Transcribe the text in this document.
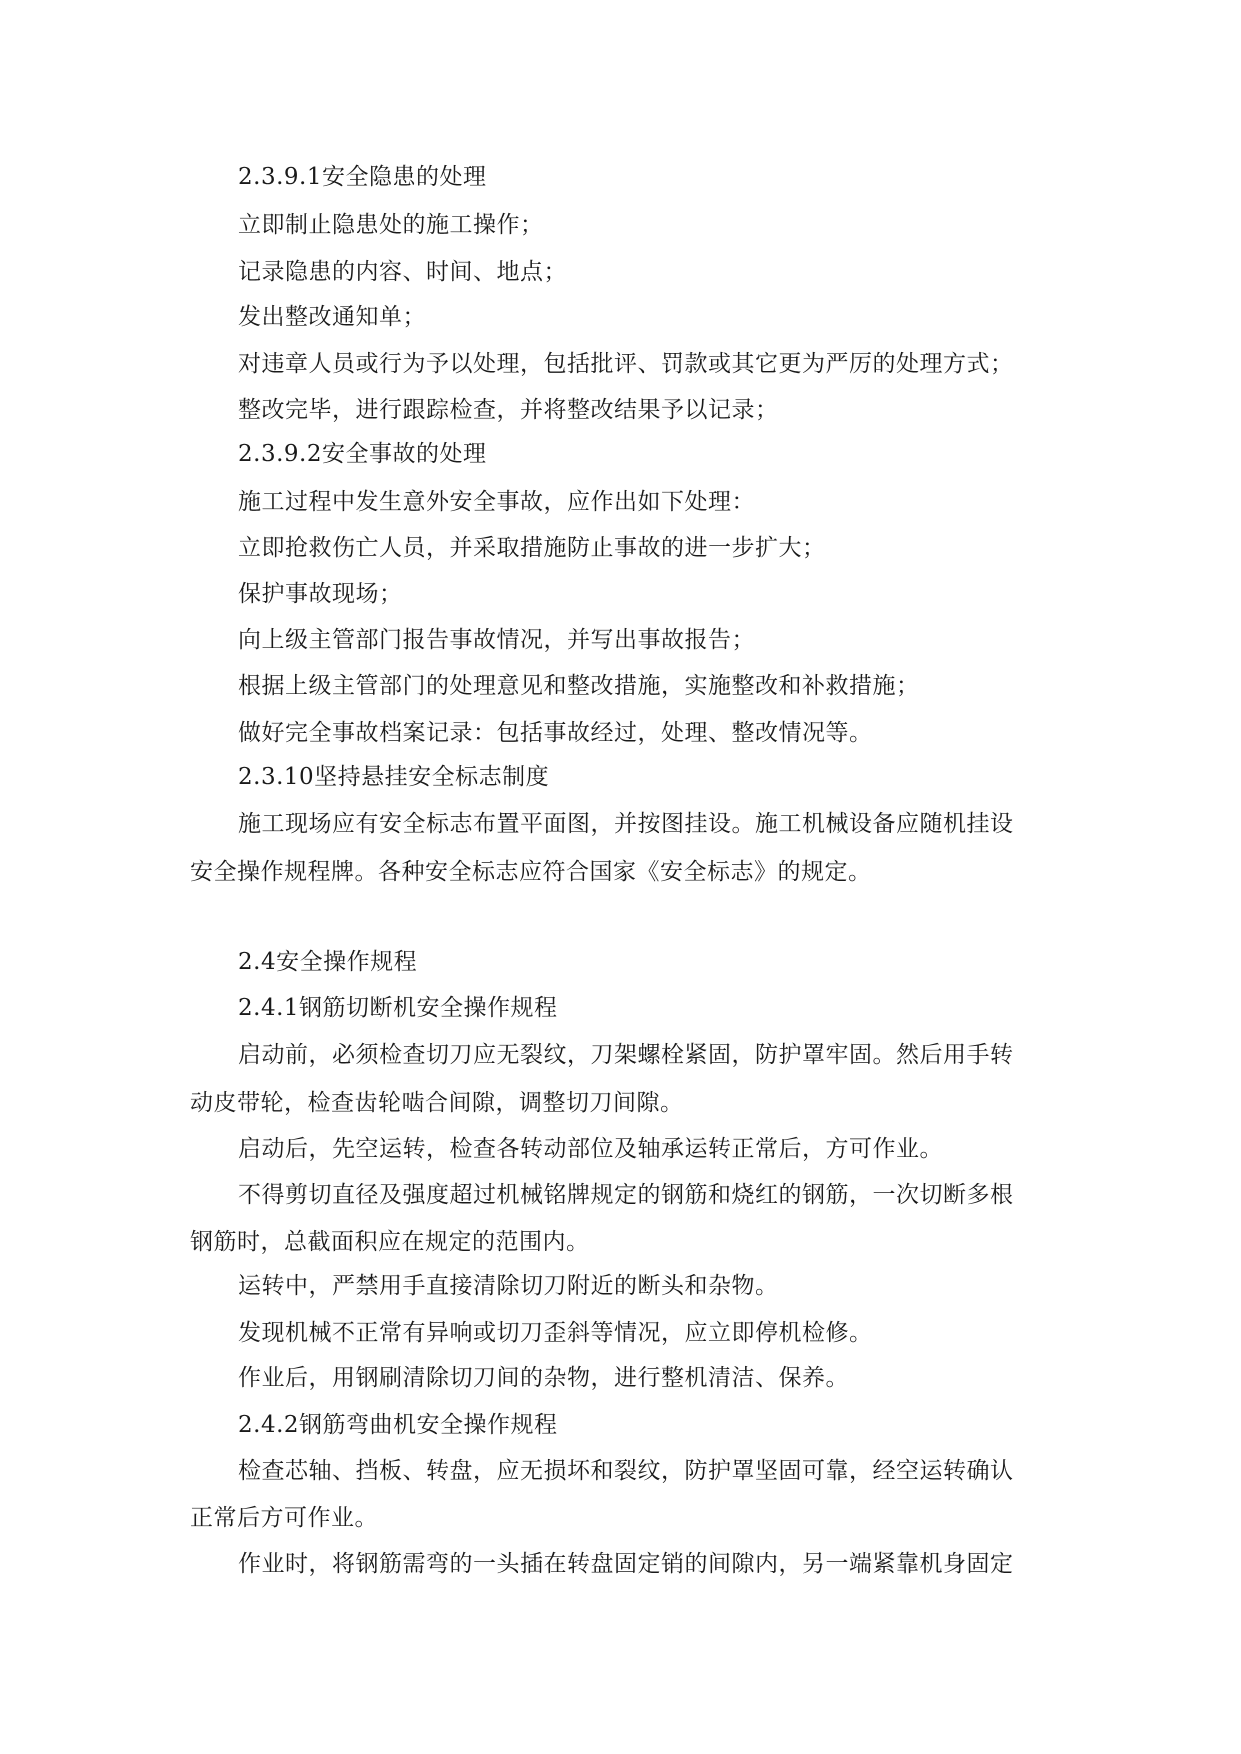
2.3.9.1安全隐患的处理
立即制止隐患处的施工操作；
记录隐患的内容、时间、地点；
发出整改通知单；
对违章人员或行为予以处理，包括批评、罚款或其它更为严厉的处理方式；
整改完毕，进行跟踪检查，并将整改结果予以记录；
2.3.9.2安全事故的处理
施工过程中发生意外安全事故，应作出如下处理：
立即抢救伤亡人员，并采取措施防止事故的进一步扩大；
保护事故现场；
向上级主管部门报告事故情况，并写出事故报告；
根据上级主管部门的处理意见和整改措施，实施整改和补救措施；
做好完全事故档案记录：包括事故经过，处理、整改情况等。
2.3.10坚持悬挂安全标志制度
施工现场应有安全标志布置平面图，并按图挂设。施工机械设备应随机挂设
安全操作规程牌。各种安全标志应符合国家《安全标志》的规定。
2.4安全操作规程
2.4.1钢筋切断机安全操作规程
启动前，必须检查切刀应无裂纹，刀架螺栓紧固，防护罩牢固。然后用手转
动皮带轮，检查齿轮啮合间隙，调整切刀间隙。
启动后，先空运转，检查各转动部位及轴承运转正常后，方可作业。
不得剪切直径及强度超过机械铭牌规定的钢筋和烧红的钢筋，一次切断多根
钢筋时，总截面积应在规定的范围内。
运转中，严禁用手直接清除切刀附近的断头和杂物。
发现机械不正常有异响或切刀歪斜等情况，应立即停机检修。
作业后，用钢刷清除切刀间的杂物，进行整机清洁、保养。
2.4.2钢筋弯曲机安全操作规程
检查芯轴、挡板、转盘，应无损坏和裂纹，防护罩坚固可靠，经空运转确认
正常后方可作业。
作业时，将钢筋需弯的一头插在转盘固定销的间隙内，另一端紧靠机身固定
